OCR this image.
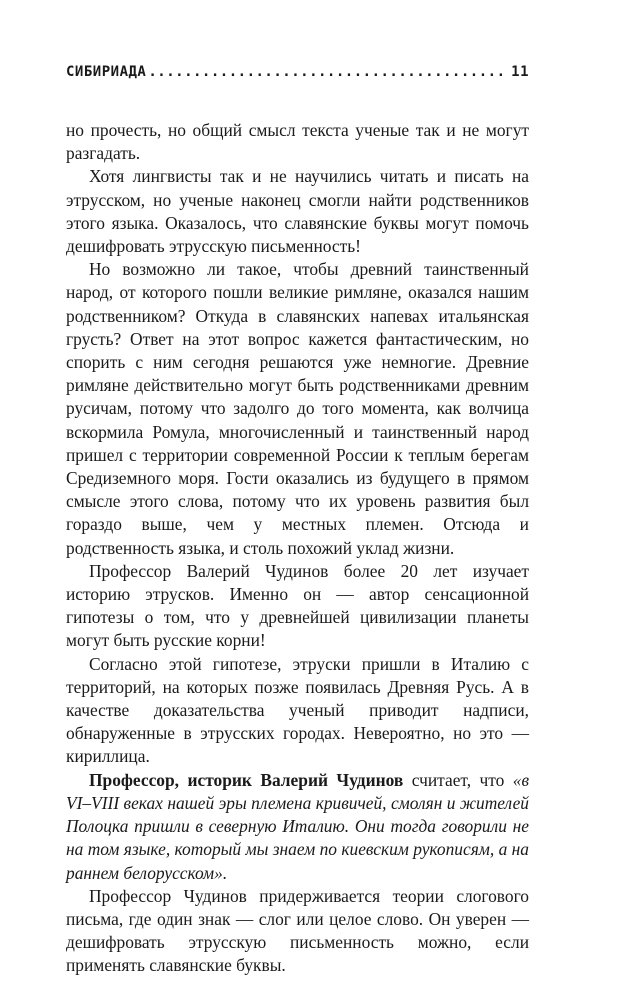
СИБИРИАДА
.....	11

но прочесть, но общий смысл текста ученые так и не могут разгадать.

Хотя лингвисты так и не научились читать и писать на этрусском, но ученые наконец смогли найти родственников этого языка. Оказалось, что славянские буквы могут помочь дешифровать этрусскую письменность!

Но возможно ли такое, чтобы древний таинственный народ, от которого пошли великие римляне, оказался нашим родственником? Откуда в славянских напевах итальянская грусть? Ответ на этот вопрос кажется фантастическим, но спорить с ним сегодня решаются уже немногие. Древние римляне действительно могут быть родственниками древним русичам, потому что задолго до того момента, как волчица вскормила Ромула, многочисленный и таинственный народ пришел с территории современной России к теплым берегам Средиземного моря. Гости оказались из будущего в прямом смысле этого слова, потому что их уровень развития был гораздо выше, чем у местных племен. Отсюда и родственность языка, и столь похожий уклад жизни.

Профессор Валерий Чудинов более 20 лет изучает историю этрусков. Именно он — автор сенсационной гипотезы о том, что у древнейшей цивилизации планеты могут быть русские корни!

Согласно этой гипотезе, этруски пришли в Италию с территорий, на которых позже появилась Древняя Русь. А в качестве доказательства ученый приводит надписи, обнаруженные в этрусских городах. Невероятно, но это — кириллица.

Профессор, историк Валерий Чудинов считает, что «в VI–VIII веках нашей эры племена кривичей, смолян и жителей Полоцка пришли в северную Италию. Они тогда говорили не на том языке, который мы знаем по киевским рукописям, а на раннем белорусском».

Профессор Чудинов придерживается теории слогового письма, где один знак — слог или целое слово. Он уверен — дешифровать этрусскую письменность можно, если применять славянские буквы.
